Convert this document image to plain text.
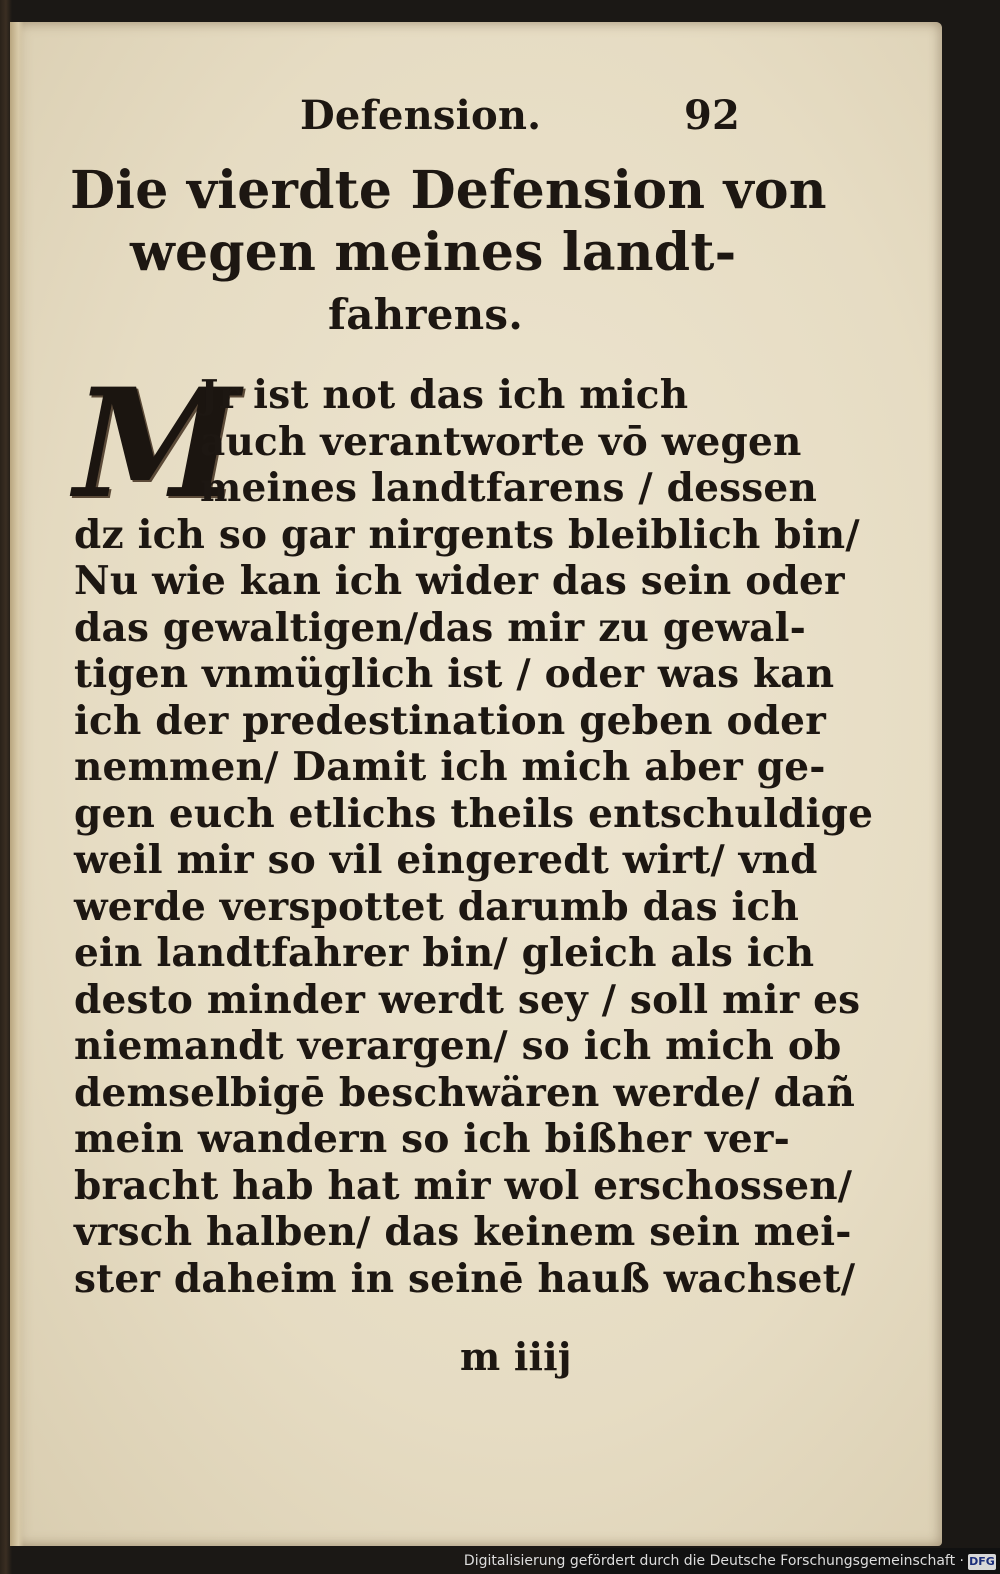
Defension.	92
Die vierdte Defension von
wegen meines landt-
fahrens.
M
Jr ist not das ich mich
auch verantworte vō wegen
meines landtfarens / dessen
dz ich so gar nirgents bleiblich bin/
Nu wie kan ich wider das sein oder
das gewaltigen/das mir zu gewal-
tigen vnmüglich ist / oder was kan
ich der predestination geben oder
nemmen/ Damit ich mich aber ge-
gen euch etlichs theils entschuldige
weil mir so vil eingeredt wirt/ vnd
werde verspottet darumb das ich
ein landtfahrer bin/ gleich als ich
desto minder werdt sey / soll mir es
niemandt verargen/ so ich mich ob
demselbigē beschwären werde/ dañ
mein wandern so ich bißher ver-
bracht hab hat mir wol erschossen/
vrsch halben/ das keinem sein mei-
ster daheim in seinē hauß wachset/
m iiij
Digitalisierung gefördert durch die Deutsche Forschungsgemeinschaft · DFG
